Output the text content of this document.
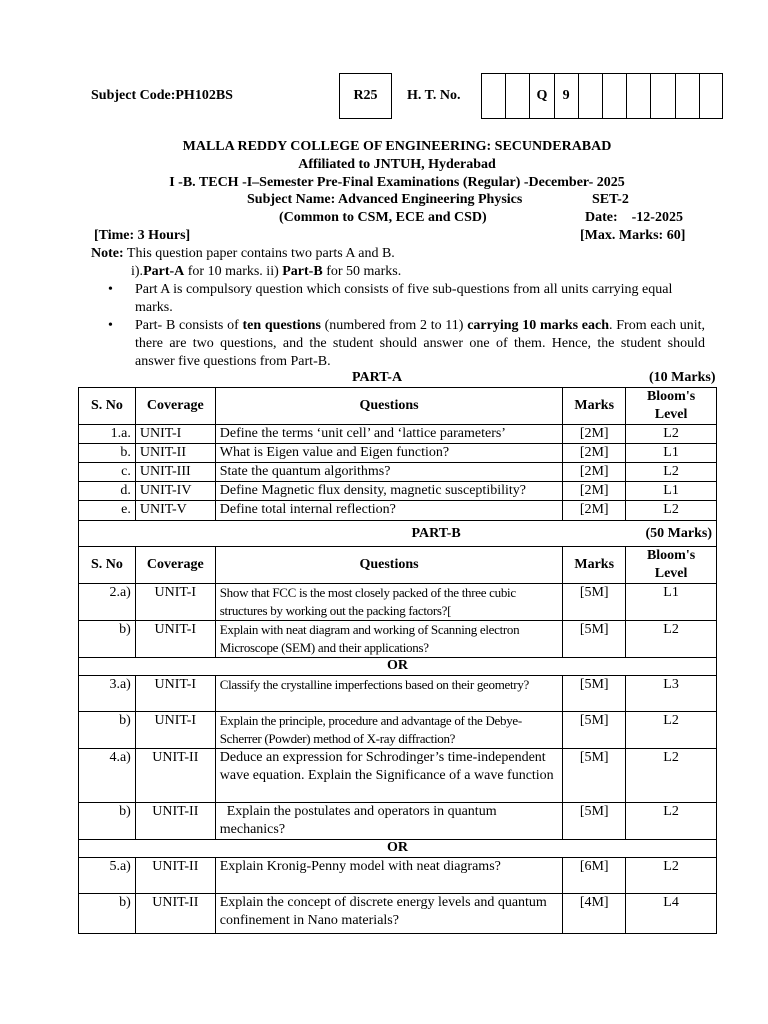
Subject Code:PH102BS	R25	H. T. No.	Q	9
MALLA REDDY COLLEGE OF ENGINEERING: SECUNDERABAD
Affiliated to JNTUH, Hyderabad
I -B. TECH -I–Semester Pre-Final Examinations (Regular) -December- 2025
Subject Name: Advanced Engineering Physics	SET-2
(Common to CSM, ECE and CSD)	Date:    -12-2025
[Time: 3 Hours]	[Max. Marks: 60]
Note: This question paper contains two parts A and B.
i).Part-A for 10 marks. ii) Part-B for 50 marks.
• Part A is compulsory question which consists of five sub-questions from all units carrying equal marks.
• Part- B consists of ten questions (numbered from 2 to 11) carrying 10 marks each. From each unit, there are two questions, and the student should answer one of them. Hence, the student should answer five questions from Part-B.
PART-A	(10 Marks)
S. No	Coverage	Questions	Marks	Bloom's Level
1.a.	UNIT-I	Define the terms ‘unit cell’ and ‘lattice parameters’	[2M]	L2
b.	UNIT-II	What is Eigen value and Eigen function?	[2M]	L1
c.	UNIT-III	State the quantum algorithms?	[2M]	L2
d.	UNIT-IV	Define Magnetic flux density, magnetic susceptibility?	[2M]	L1
e.	UNIT-V	Define total internal reflection?	[2M]	L2
PART-B			(50 Marks)	
S. No	Coverage	Questions	Marks	Bloom's Level
2.a)	UNIT-I	Show that FCC is the most closely packed of the three cubic structures by working out the packing factors?[	[5M]	L1
b)	UNIT-I	Explain with neat diagram and working of Scanning electron Microscope (SEM) and their applications?	[5M]	L2
OR				
3.a)	UNIT-I	Classify the crystalline imperfections based on their geometry?	[5M]	L3
b)	UNIT-I	Explain the principle, procedure and advantage of the Debye-Scherrer (Powder) method of X-ray diffraction?	[5M]	L2
4.a)	UNIT-II	Deduce an expression for Schrodinger’s time-independent wave equation. Explain the Significance of a wave function	[5M]	L2
b)	UNIT-II	Explain the postulates and operators in quantum mechanics?	[5M]	L2
OR				
5.a)	UNIT-II	Explain Kronig-Penny model with neat diagrams?	[6M]	L2
b)	UNIT-II	Explain the concept of discrete energy levels and quantum confinement in Nano materials?	[4M]	L4
